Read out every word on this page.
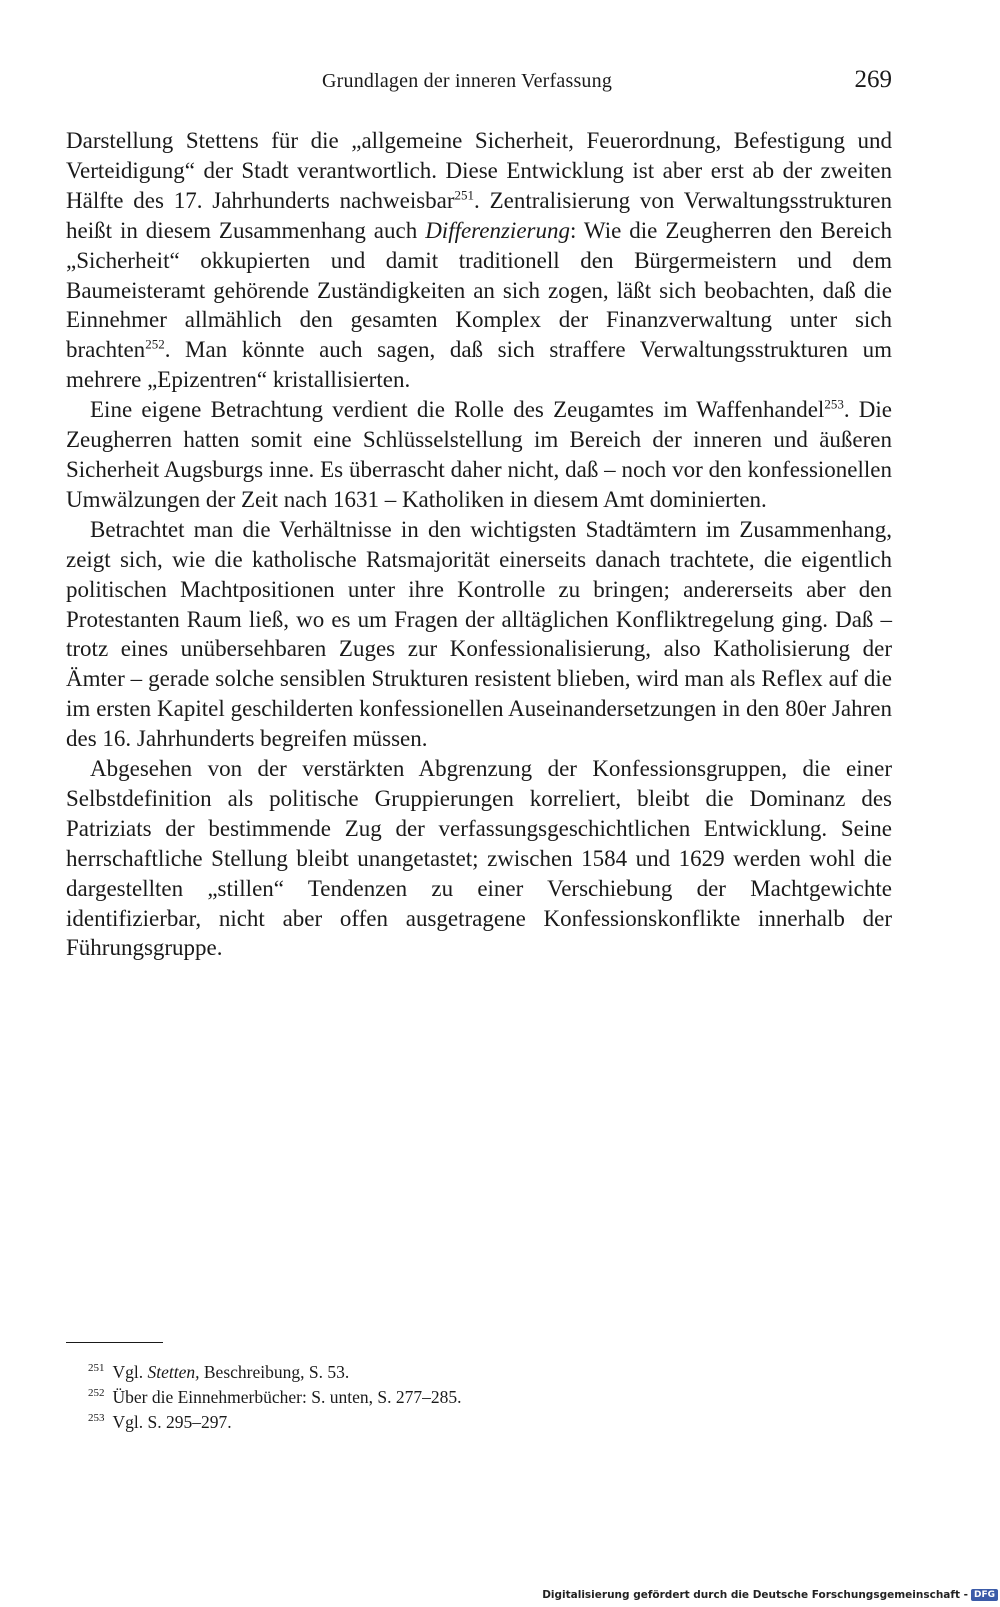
Grundlagen der inneren Verfassung	269

Darstellung Stettens für die „allgemeine Sicherheit, Feuerordnung, Befestigung und Verteidigung“ der Stadt verantwortlich. Diese Entwicklung ist aber erst ab der zweiten Hälfte des 17. Jahrhunderts nachweisbar$^{251}$. Zentralisierung von Verwaltungsstrukturen heißt in diesem Zusammenhang auch Differenzierung: Wie die Zeugherren den Bereich „Sicherheit“ okkupierten und damit traditionell den Bürgermeistern und dem Baumeisteramt gehörende Zuständigkeiten an sich zogen, läßt sich beobachten, daß die Einnehmer allmählich den gesamten Komplex der Finanzverwaltung unter sich brachten$^{252}$. Man könnte auch sagen, daß sich straffere Verwaltungsstrukturen um mehrere „Epizentren“ kristallisierten.

Eine eigene Betrachtung verdient die Rolle des Zeugamtes im Waffenhandel$^{253}$. Die Zeugherren hatten somit eine Schlüsselstellung im Bereich der inneren und äußeren Sicherheit Augsburgs inne. Es überrascht daher nicht, daß – noch vor den konfessionellen Umwälzungen der Zeit nach 1631 – Katholiken in diesem Amt dominierten.

Betrachtet man die Verhältnisse in den wichtigsten Stadtämtern im Zusammenhang, zeigt sich, wie die katholische Ratsmajorität einerseits danach trachtete, die eigentlich politischen Machtpositionen unter ihre Kontrolle zu bringen; andererseits aber den Protestanten Raum ließ, wo es um Fragen der alltäglichen Konfliktregelung ging. Daß – trotz eines unübersehbaren Zuges zur Konfessionalisierung, also Katholisierung der Ämter – gerade solche sensiblen Strukturen resistent blieben, wird man als Reflex auf die im ersten Kapitel geschilderten konfessionellen Auseinandersetzungen in den 80er Jahren des 16. Jahrhunderts begreifen müssen.

Abgesehen von der verstärkten Abgrenzung der Konfessionsgruppen, die einer Selbstdefinition als politische Gruppierungen korreliert, bleibt die Dominanz des Patriziats der bestimmende Zug der verfassungsgeschichtlichen Entwicklung. Seine herrschaftliche Stellung bleibt unangetastet; zwischen 1584 und 1629 werden wohl die dargestellten „stillen“ Tendenzen zu einer Verschiebung der Machtgewichte identifizierbar, nicht aber offen ausgetragene Konfessionskonflikte innerhalb der Führungsgruppe.

$^{251}$ Vgl. Stetten, Beschreibung, S. 53.
$^{252}$ Über die Einnehmerbücher: S. unten, S. 277–285.
$^{253}$ Vgl. S. 295–297.
Digitalisierung gefördert durch die Deutsche Forschungsgemeinschaft - DFG
